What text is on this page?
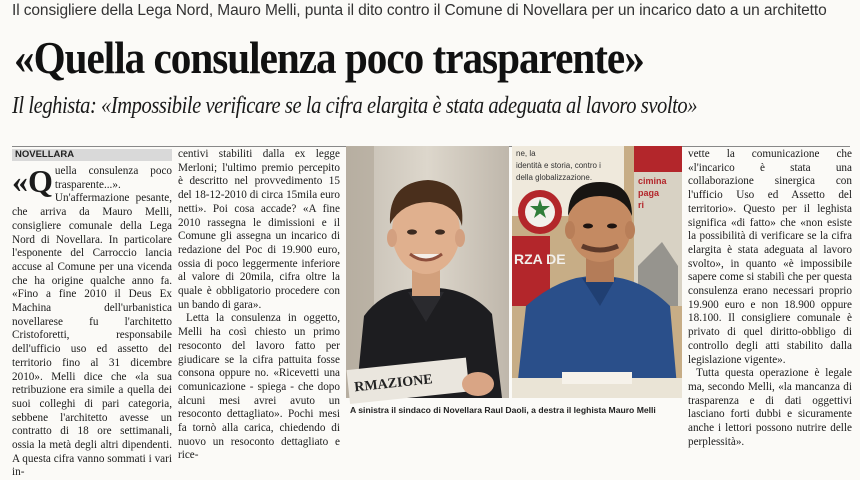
Il consigliere della Lega Nord, Mauro Melli, punta il dito contro il Comune di Novellara per un incarico dato a un architetto
«Quella consulenza poco trasparente»
Il leghista: «Impossibile verificare se la cifra elargita è stata adeguata al lavoro svolto»
NOVELLARA
«Q uella consulenza poco trasparente...». Un'affermazione pesante, che arriva da Mauro Melli, consigliere comunale della Lega Nord di Novellara. In particolare l'esponente del Carroccio lancia accuse al Comune per una vicenda che ha origine qualche anno fa. «Fino a fine 2010 il Deus Ex Machina dell'urbanistica novellarese fu l'architetto Cristoforetti, responsabile dell'ufficio uso ed assetto del territorio fino al 31 dicembre 2010». Melli dice che «la sua retribuzione era simile a quella dei suoi colleghi di pari categoria, sebbene l'architetto avesse un contratto di 18 ore settimanali, ossia la metà degli altri dipendenti. A questa cifra vanno sommati i vari in-

centivi stabiliti dalla ex legge Merloni; l'ultimo premio percepito è descritto nel provvedimento 15 del 18-12-2010 di circa 15mila euro netti». Poi cosa accade? «A fine 2010 rassegna le dimissioni e il Comune gli assegna un incarico di redazione del Poc di 19.900 euro, ossia di poco leggermente inferiore al valore di 20mila, cifra oltre la quale è obbligatorio procedere con un bando di gara».

Letta la consulenza in oggetto, Melli ha così chiesto un primo resoconto del lavoro fatto per giudicare se la cifra pattuita fosse consona oppure no. «Ricevetti una comunicazione - spiega - che dopo alcuni mesi avrei avuto un resoconto dettagliato». Pochi mesi fa tornò alla carica, chiedendo di nuovo un resoconto dettagliato e rice-

RMAZIONE
ne, la
identità e storia, contro i
della globalizzazione.	cimina
paga
ri
RZA DE
A sinistra il sindaco di Novellara Raul Daoli, a destra il leghista Mauro Melli

vette la comunicazione che «l'incarico è stata una collaborazione sinergica con l'ufficio Uso ed Assetto del territorio». Questo per il leghista significa «di fatto» che «non esiste la possibilità di verificare se la cifra elargita è stata adeguata al lavoro svolto», in quanto «è impossibile sapere come si stabilì che per questa consulenza erano necessari proprio 19.900 euro e non 18.900 oppure 18.100. Il consigliere comunale è privato di quel diritto-obbligo di controllo degli atti stabilito dalla legislazione vigente».

Tutta questa operazione è legale ma, secondo Melli, «la mancanza di trasparenza e di dati oggettivi lasciano forti dubbi e sicuramente anche i lettori possono nutrire delle perplessità».
